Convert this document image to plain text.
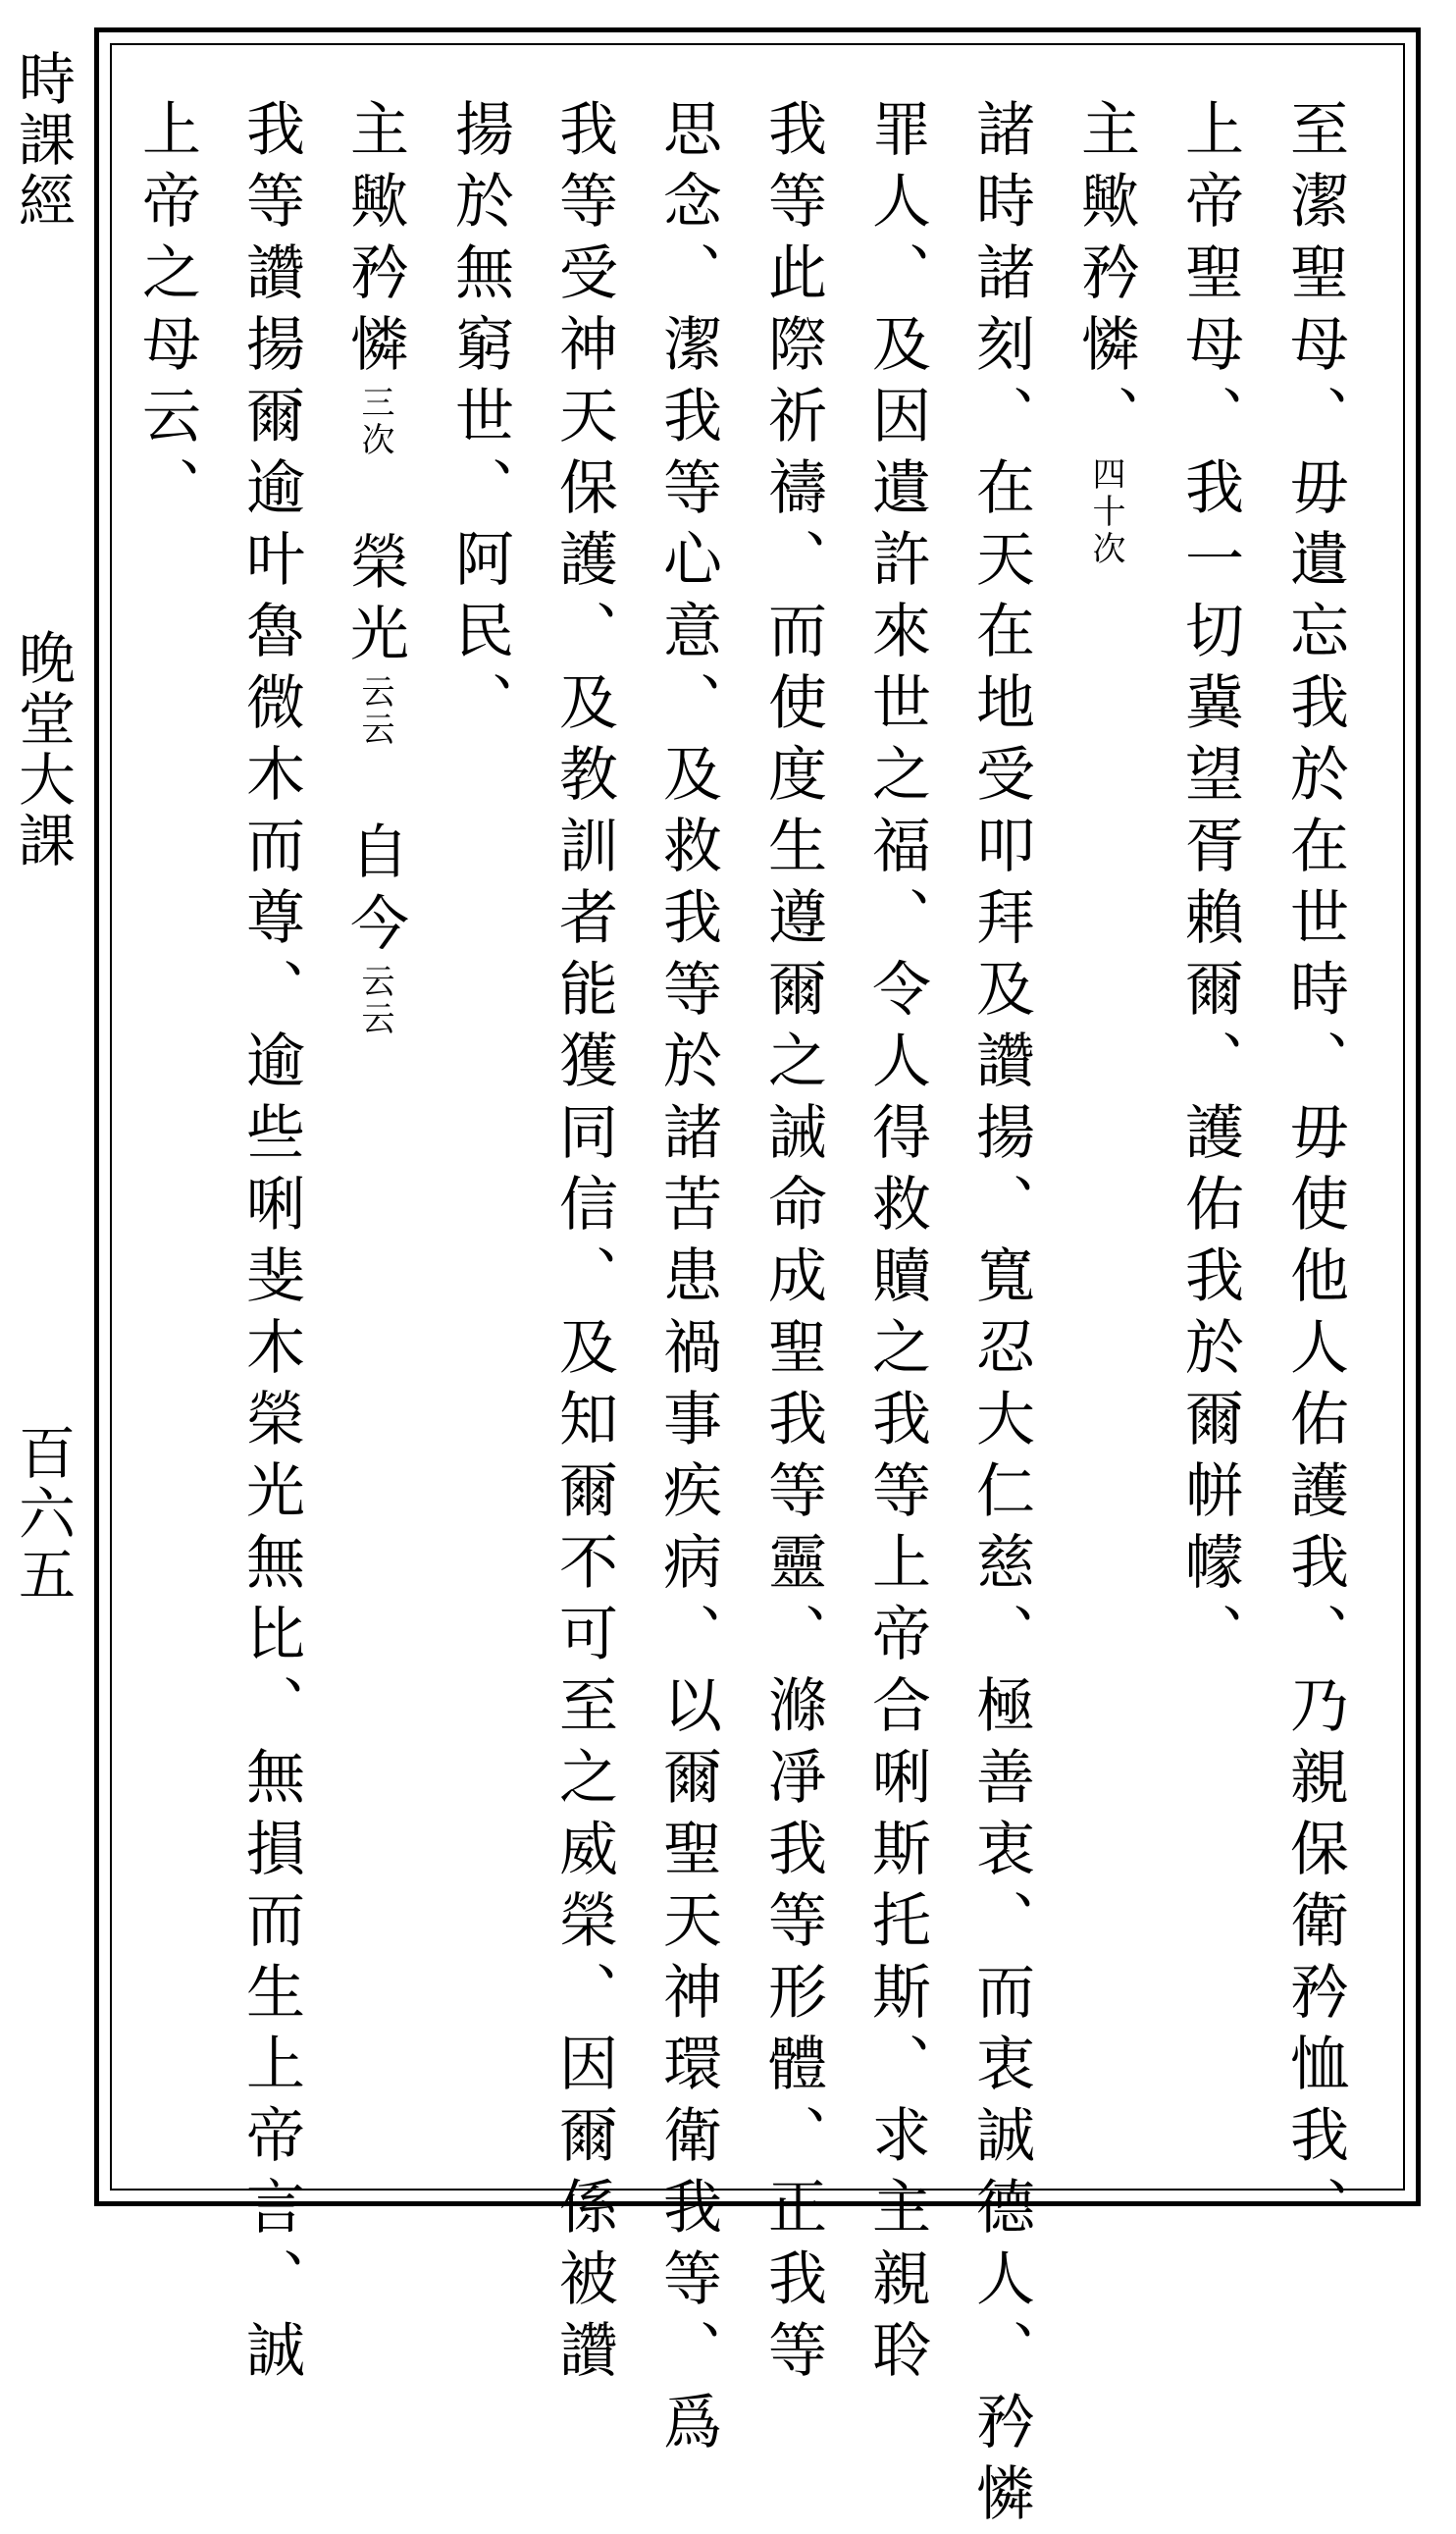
時課經
晚堂大課
百六五	至潔聖母、毋遺忘我於在世時、毋使他人佑護我、乃親保衛矜恤我、
上帝聖母、我一切冀望胥賴爾、護佑我於爾帡幪、
主歟矜憐、四十次
諸時諸刻、在天在地受叩拜及讚揚、寬忍大仁慈、極善衷、而衷誠德人、矜憐
罪人、及因遺許來世之福、令人得救贖之我等上帝合唎斯托斯、求主親聆
我等此際祈禱、而使度生遵爾之誡命成聖我等靈、滌凈我等形體、正我等
思念、潔我等心意、及救我等於諸苦患禍事疾病、以爾聖天神環衛我等、爲
我等受神天保護、及教訓者能獲同信、及知爾不可至之威榮、因爾係被讚
揚於無窮世、阿民、
主歟矜憐三次　榮光云云　自今云云
我等讚揚爾逾叶魯微木而尊、逾些唎斐木榮光無比、無損而生上帝言、誠
上帝之母云、
